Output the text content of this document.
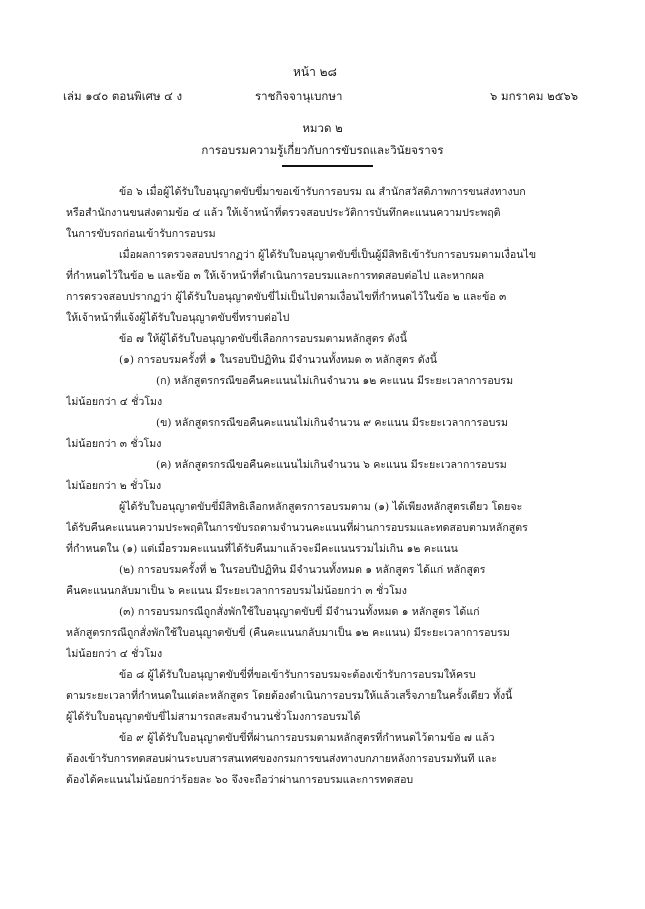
หน้า ๒๘
เล่ม ๑๔๐ ตอนพิเศษ ๔ ง	ราชกิจจานุเบกษา	๖ มกราคม ๒๕๖๖
หมวด ๒
การอบรมความรู้เกี่ยวกับการขับรถและวินัยจราจร
ข้อ ๖ เมื่อผู้ได้รับใบอนุญาตขับขี่มาขอเข้ารับการอบรม ณ สำนักสวัสดิภาพการขนส่งทางบก
หรือสำนักงานขนส่งตามข้อ ๔ แล้ว ให้เจ้าหน้าที่ตรวจสอบประวัติการบันทึกคะแนนความประพฤติ
ในการขับรถก่อนเข้ารับการอบรม
เมื่อผลการตรวจสอบปรากฏว่า ผู้ได้รับใบอนุญาตขับขี่เป็นผู้มีสิทธิเข้ารับการอบรมตามเงื่อนไข
ที่กำหนดไว้ในข้อ ๒ และข้อ ๓ ให้เจ้าหน้าที่ดำเนินการอบรมและการทดสอบต่อไป และหากผล
การตรวจสอบปรากฏว่า ผู้ได้รับใบอนุญาตขับขี่ไม่เป็นไปตามเงื่อนไขที่กำหนดไว้ในข้อ ๒ และข้อ ๓
ให้เจ้าหน้าที่แจ้งผู้ได้รับใบอนุญาตขับขี่ทราบต่อไป
ข้อ ๗ ให้ผู้ได้รับใบอนุญาตขับขี่เลือกการอบรมตามหลักสูตร ดังนี้
(๑) การอบรมครั้งที่ ๑ ในรอบปีปฏิทิน มีจำนวนทั้งหมด ๓ หลักสูตร ดังนี้
(ก) หลักสูตรกรณีขอคืนคะแนนไม่เกินจำนวน ๑๒ คะแนน มีระยะเวลาการอบรม
ไม่น้อยกว่า ๔ ชั่วโมง
(ข) หลักสูตรกรณีขอคืนคะแนนไม่เกินจำนวน ๙ คะแนน มีระยะเวลาการอบรม
ไม่น้อยกว่า ๓ ชั่วโมง
(ค) หลักสูตรกรณีขอคืนคะแนนไม่เกินจำนวน ๖ คะแนน มีระยะเวลาการอบรม
ไม่น้อยกว่า ๒ ชั่วโมง
ผู้ได้รับใบอนุญาตขับขี่มีสิทธิเลือกหลักสูตรการอบรมตาม (๑) ได้เพียงหลักสูตรเดียว โดยจะ
ได้รับคืนคะแนนความประพฤติในการขับรถตามจำนวนคะแนนที่ผ่านการอบรมและทดสอบตามหลักสูตร
ที่กำหนดใน (๑) แต่เมื่อรวมคะแนนที่ได้รับคืนมาแล้วจะมีคะแนนรวมไม่เกิน ๑๒ คะแนน
(๒) การอบรมครั้งที่ ๒ ในรอบปีปฏิทิน มีจำนวนทั้งหมด ๑ หลักสูตร ได้แก่ หลักสูตร
คืนคะแนนกลับมาเป็น ๖ คะแนน มีระยะเวลาการอบรมไม่น้อยกว่า ๓ ชั่วโมง
(๓) การอบรมกรณีถูกสั่งพักใช้ใบอนุญาตขับขี่ มีจำนวนทั้งหมด ๑ หลักสูตร ได้แก่
หลักสูตรกรณีถูกสั่งพักใช้ใบอนุญาตขับขี่ (คืนคะแนนกลับมาเป็น ๑๒ คะแนน) มีระยะเวลาการอบรม
ไม่น้อยกว่า ๔ ชั่วโมง
ข้อ ๘ ผู้ได้รับใบอนุญาตขับขี่ที่ขอเข้ารับการอบรมจะต้องเข้ารับการอบรมให้ครบ
ตามระยะเวลาที่กำหนดในแต่ละหลักสูตร โดยต้องดำเนินการอบรมให้แล้วเสร็จภายในครั้งเดียว ทั้งนี้
ผู้ได้รับใบอนุญาตขับขี่ไม่สามารถสะสมจำนวนชั่วโมงการอบรมได้
ข้อ ๙ ผู้ได้รับใบอนุญาตขับขี่ที่ผ่านการอบรมตามหลักสูตรที่กำหนดไว้ตามข้อ ๗ แล้ว
ต้องเข้ารับการทดสอบผ่านระบบสารสนเทศของกรมการขนส่งทางบกภายหลังการอบรมทันที และ
ต้องได้คะแนนไม่น้อยกว่าร้อยละ ๖๐ จึงจะถือว่าผ่านการอบรมและการทดสอบ
